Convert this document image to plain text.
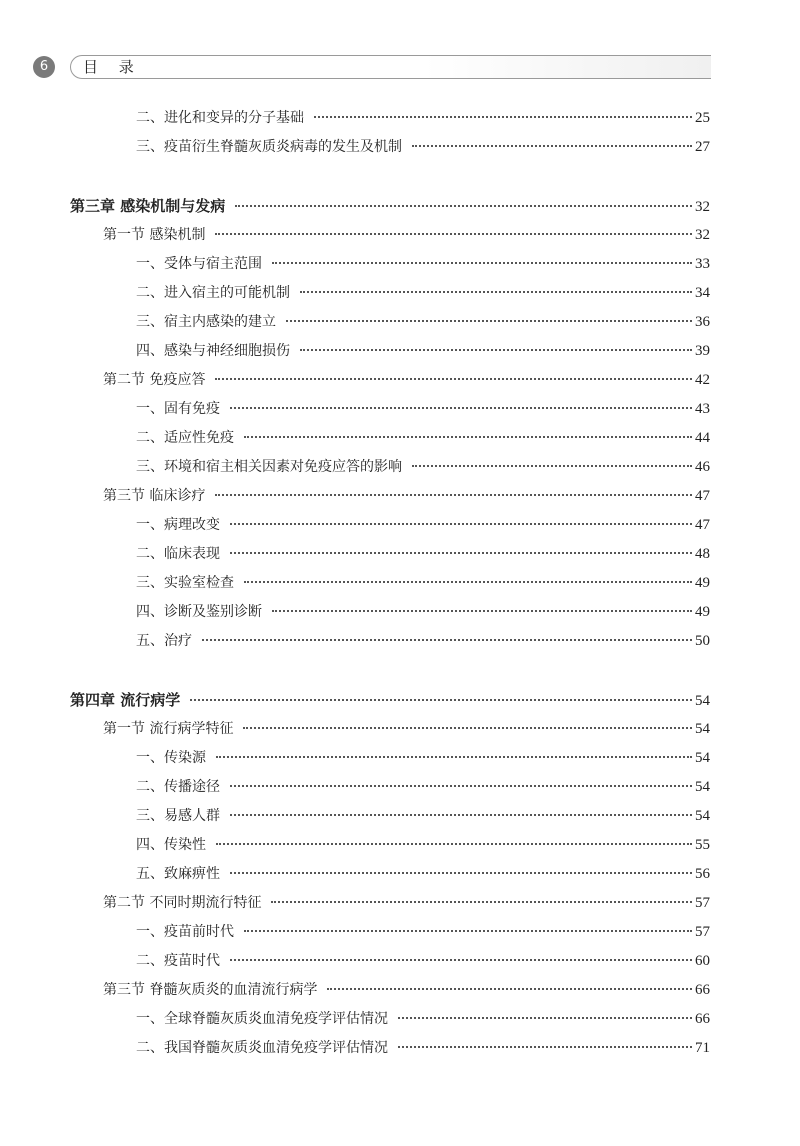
6	目 录
二、进化和变异的分子基础	25
三、疫苗衍生脊髓灰质炎病毒的发生及机制	27
第三章 感染机制与发病	32
第一节 感染机制	32
一、受体与宿主范围	33
二、进入宿主的可能机制	34
三、宿主内感染的建立	36
四、感染与神经细胞损伤	39
第二节 免疫应答	42
一、固有免疫	43
二、适应性免疫	44
三、环境和宿主相关因素对免疫应答的影响	46
第三节 临床诊疗	47
一、病理改变	47
二、临床表现	48
三、实验室检查	49
四、诊断及鉴别诊断	49
五、治疗	50
第四章 流行病学	54
第一节 流行病学特征	54
一、传染源	54
二、传播途径	54
三、易感人群	54
四、传染性	55
五、致麻痹性	56
第二节 不同时期流行特征	57
一、疫苗前时代	57
二、疫苗时代	60
第三节 脊髓灰质炎的血清流行病学	66
一、全球脊髓灰质炎血清免疫学评估情况	66
二、我国脊髓灰质炎血清免疫学评估情况	71
